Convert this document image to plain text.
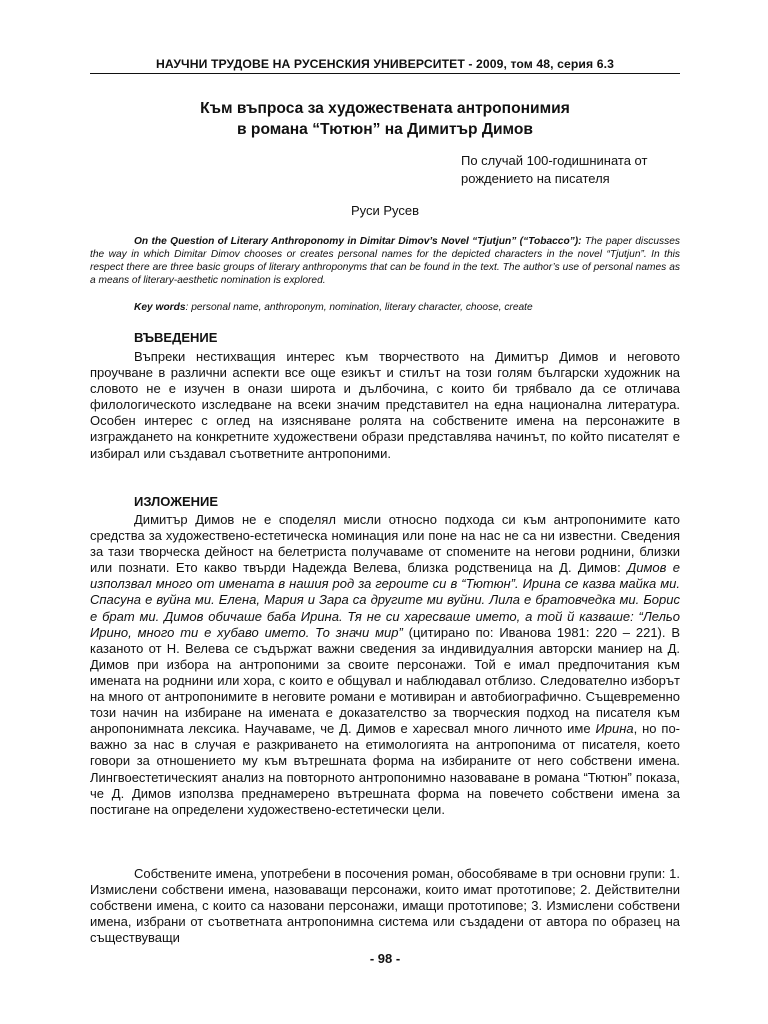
НАУЧНИ ТРУДОВЕ НА РУСЕНСКИЯ УНИВЕРСИТЕТ - 2009, том 48, серия 6.3
Към въпроса за художествената антропонимия
в романа “Тютюн” на Димитър Димов
По случай 100-годишнината от рождението на писателя
Руси Русев
On the Question of Literary Anthroponomy in Dimitar Dimov’s Novel “Tjutjun” (“Tobacco”): The paper discusses the way in which Dimitar Dimov chooses or creates personal names for the depicted characters in the novel “Tjutjun”. In this respect there are three basic groups of literary anthroponyms that can be found in the text. The author’s use of personal names as a means of literary-aesthetic nomination is explored.
Key words: personal name, anthroponym, nomination, literary character, choose, create
ВЪВЕДЕНИЕ
Въпреки нестихващия интерес към творчеството на Димитър Димов и неговото проучване в различни аспекти все още езикът и стилът на този голям български художник на словото не е изучен в онази широта и дълбочина, с които би трябвало да се отличава филологическото изследване на всеки значим представител на една национална литература. Особен интерес с оглед на изясняване ролята на собствените имена на персонажите в изграждането на конкретните художествени образи представлява начинът, по който писателят е избирал или създавал съответните антропоними.
ИЗЛОЖЕНИЕ
Димитър Димов не е споделял мисли относно подхода си към антропонимите като средства за художествено-естетическа номинация или поне на нас не са ни известни. Сведения за тази творческа дейност на белетриста получаваме от спомените на негови роднини, близки или познати. Ето какво твърди Надежда Велева, близка родственица на Д. Димов: Димов е използвал много от имената в нашия род за героите си в “Тютюн”. Ирина се казва майка ми. Спасуна е вуйна ми. Елена, Мария и Зара са другите ми вуйни. Лила е братовчедка ми. Борис е брат ми. Димов обичаше баба Ирина. Тя не си харесваше името, а той й казваше: “Лельо Ирино, много ти е хубаво името. То значи мир” (цитирано по: Иванова 1981: 220 – 221). В казаното от Н. Велева се съдържат важни сведения за индивидуалния авторски маниер на Д. Димов при избора на антропоними за своите персонажи. Той е имал предпочитания към имената на роднини или хора, с които е общувал и наблюдавал отблизо. Следователно изборът на много от антропонимите в неговите романи е мотивиран и автобиографично. Същевременно този начин на избиране на имената е доказателство за творческия подход на писателя към анропонимната лексика. Научаваме, че Д. Димов е харесвал много личното име Ирина, но по-важно за нас в случая е разкриването на етимологията на антропонима от писателя, което говори за отношението му към вътрешната форма на избираните от него собствени имена. Лингвоестетическият анализ на повторното антропонимно назоваване в романа “Тютюн” показа, че Д. Димов използва преднамерено вътрешната форма на повечето собствени имена за постигане на определени художествено-естетически цели.
Собствените имена, употребени в посочения роман, обособяваме в три основни групи: 1. Измислени собствени имена, назоваващи персонажи, които имат прототипове; 2. Действителни собствени имена, с които са назовани персонажи, имащи прототипове; 3. Измислени собствени имена, избрани от съответната антропонимна система или създадени от автора по образец на съществуващи
- 98 -
